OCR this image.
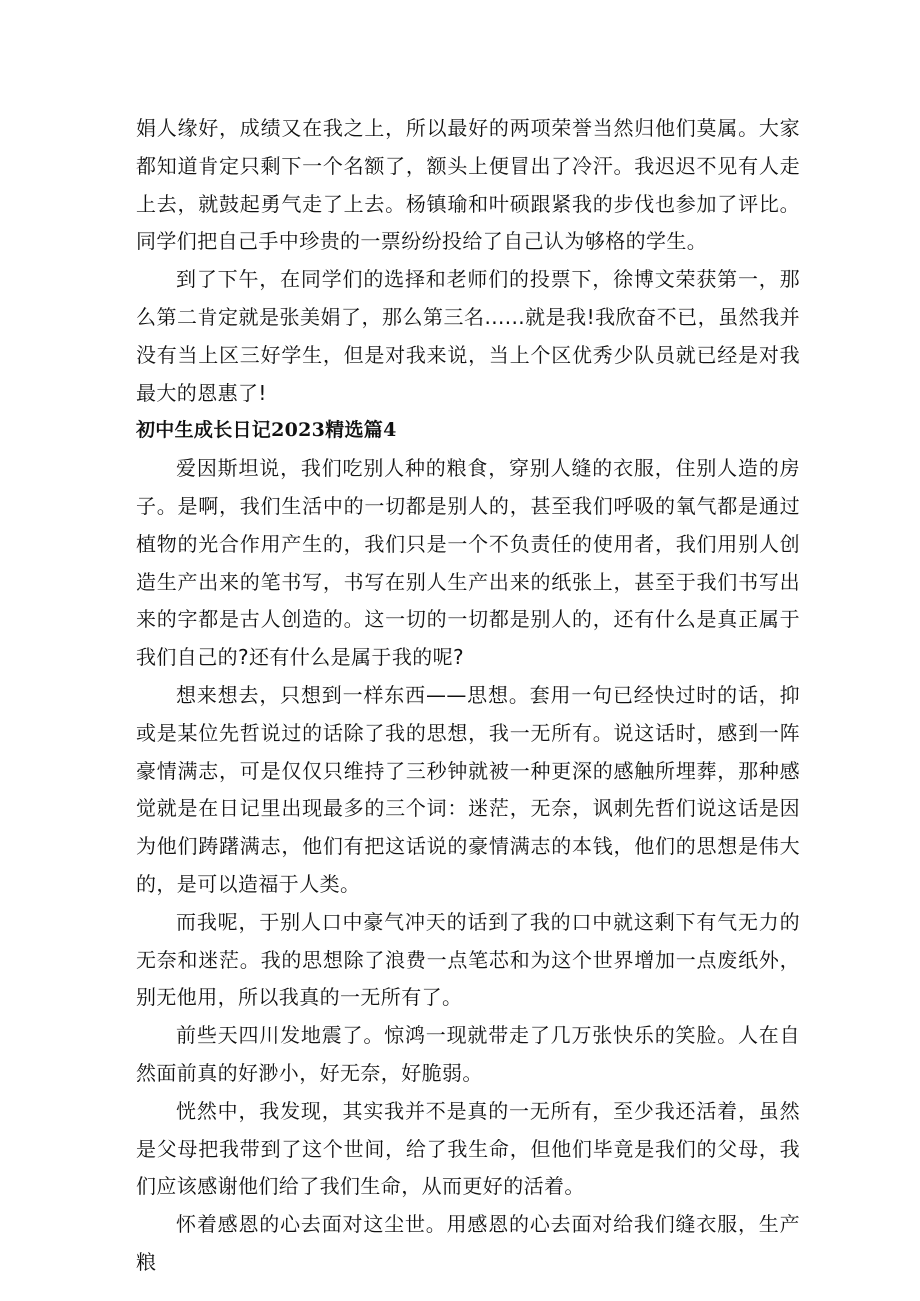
娟人缘好，成绩又在我之上，所以最好的两项荣誉当然归他们莫属。大家都知道肯定只剩下一个名额了，额头上便冒出了冷汗。我迟迟不见有人走上去，就鼓起勇气走了上去。杨镇瑜和叶硕跟紧我的步伐也参加了评比。同学们把自己手中珍贵的一票纷纷投给了自己认为够格的学生。

到了下午，在同学们的选择和老师们的投票下，徐博文荣获第一，那么第二肯定就是张美娟了，那么第三名......就是我!我欣奋不已，虽然我并没有当上区三好学生，但是对我来说，当上个区优秀少队员就已经是对我最大的恩惠了!

初中生成长日记2023精选篇4

爱因斯坦说，我们吃别人种的粮食，穿别人缝的衣服，住别人造的房子。是啊，我们生活中的一切都是别人的，甚至我们呼吸的氧气都是通过植物的光合作用产生的，我们只是一个不负责任的使用者，我们用别人创造生产出来的笔书写，书写在别人生产出来的纸张上，甚至于我们书写出来的字都是古人创造的。这一切的一切都是别人的，还有什么是真正属于我们自己的?还有什么是属于我的呢?

想来想去，只想到一样东西——思想。套用一句已经快过时的话，抑或是某位先哲说过的话除了我的思想，我一无所有。说这话时，感到一阵豪情满志，可是仅仅只维持了三秒钟就被一种更深的感触所埋葬，那种感觉就是在日记里出现最多的三个词：迷茫，无奈，讽刺先哲们说这话是因为他们踌躇满志，他们有把这话说的豪情满志的本钱，他们的思想是伟大的，是可以造福于人类。

而我呢，于别人口中豪气冲天的话到了我的口中就这剩下有气无力的无奈和迷茫。我的思想除了浪费一点笔芯和为这个世界增加一点废纸外，别无他用，所以我真的一无所有了。

前些天四川发地震了。惊鸿一现就带走了几万张快乐的笑脸。人在自然面前真的好渺小，好无奈，好脆弱。

恍然中，我发现，其实我并不是真的一无所有，至少我还活着，虽然是父母把我带到了这个世间，给了我生命，但他们毕竟是我们的父母，我们应该感谢他们给了我们生命，从而更好的活着。

怀着感恩的心去面对这尘世。用感恩的心去面对给我们缝衣服，生产粮
